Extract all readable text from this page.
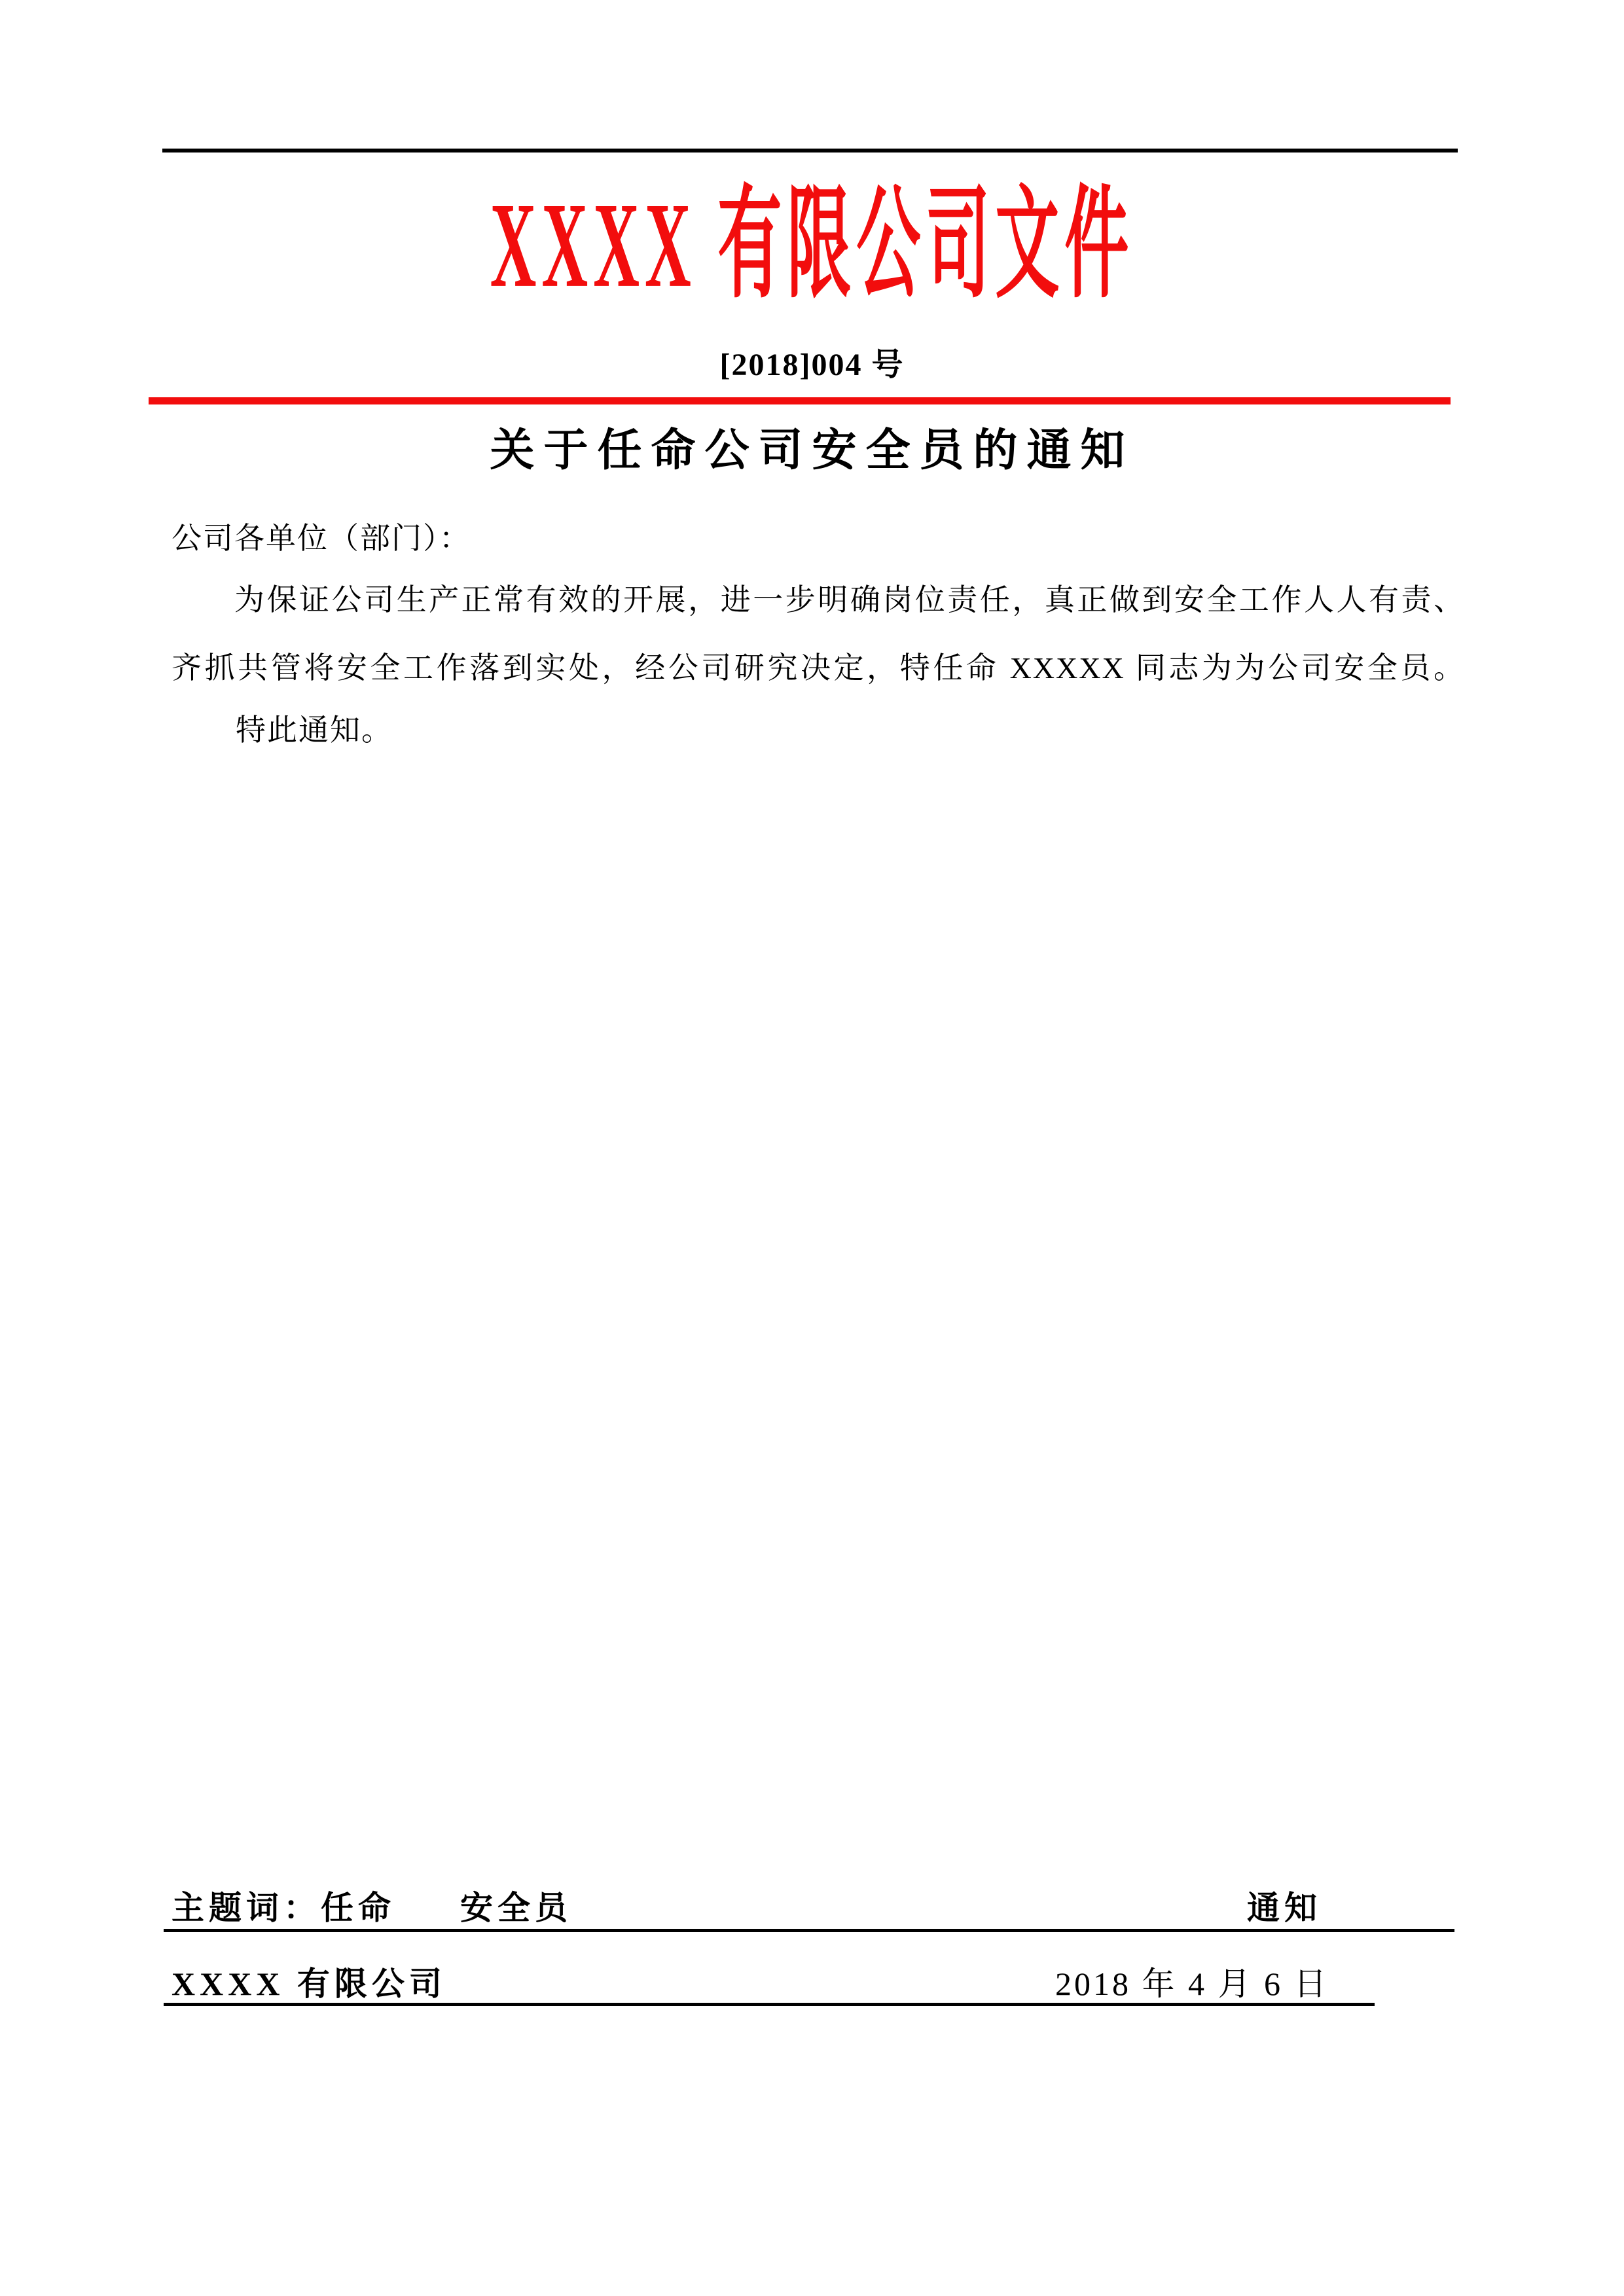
XXXX 有限公司文件
[2018]004 号
关于任命公司安全员的通知
公司各单位（部门）：
为保证公司生产正常有效的开展，进一步明确岗位责任，真正做到安全工作人人有责、
齐抓共管将安全工作落到实处，经公司研究决定，特任命 XXXXX 同志为为公司安全员。
特此通知。
主题词：任命 安全员	通知
XXXX 有限公司	2018 年 4 月 6 日
